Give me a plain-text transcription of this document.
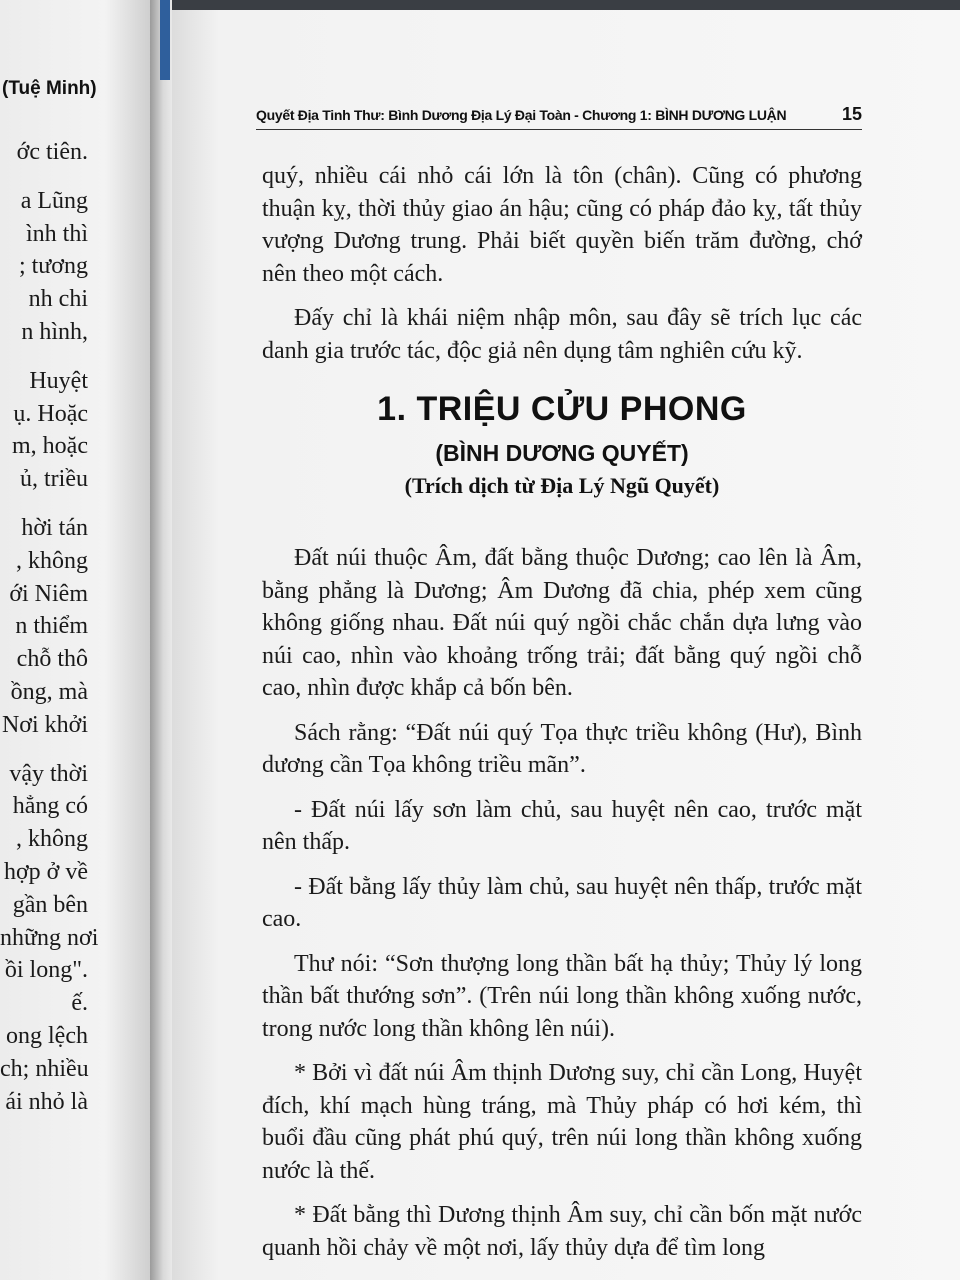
(Tuệ Minh)
ớc tiên.
a Lũng
ình thì
; tương
nh chi
n hình,
Huyệt
ụ. Hoặc
m, hoặc
ủ, triều
hời tán
, không
ới Niêm
n thiểm
chỗ thô
ồng, mà
Nơi khởi
vậy thời
hẳng có
, không
hợp ở về
gần bên
những nơi
ồi long".
ế.
ong lệch
ch; nhiều
ái nhỏ là
Quyết Địa Tinh Thư: Bình Dương Địa Lý Đại Toàn - Chương 1: BÌNH DƯƠNG LUẬN	15

quý, nhiều cái nhỏ cái lớn là tôn (chân). Cũng có phương thuận kỵ, thời thủy giao án hậu; cũng có pháp đảo kỵ, tất thủy vượng Dương trung. Phải biết quyền biến trăm đường, chớ nên theo một cách.

Đấy chỉ là khái niệm nhập môn, sau đây sẽ trích lục các danh gia trước tác, độc giả nên dụng tâm nghiên cứu kỹ.

1. TRIỆU CỬU PHONG
(BÌNH DƯƠNG QUYẾT)
(Trích dịch từ Địa Lý Ngũ Quyết)

Đất núi thuộc Âm, đất bằng thuộc Dương; cao lên là Âm, bằng phẳng là Dương; Âm Dương đã chia, phép xem cũng không giống nhau. Đất núi quý ngồi chắc chắn dựa lưng vào núi cao, nhìn vào khoảng trống trải; đất bằng quý ngồi chỗ cao, nhìn được khắp cả bốn bên.

Sách rằng: “Đất núi quý Tọa thực triều không (Hư), Bình dương cần Tọa không triều mãn”.

- Đất núi lấy sơn làm chủ, sau huyệt nên cao, trước mặt nên thấp.

- Đất bằng lấy thủy làm chủ, sau huyệt nên thấp, trước mặt cao.

Thư nói: “Sơn thượng long thần bất hạ thủy; Thủy lý long thần bất thướng sơn”. (Trên núi long thần không xuống nước, trong nước long thần không lên núi).

* Bởi vì đất núi Âm thịnh Dương suy, chỉ cần Long, Huyệt đích, khí mạch hùng tráng, mà Thủy pháp có hơi kém, thì buổi đầu cũng phát phú quý, trên núi long thần không xuống nước là thế.

* Đất bằng thì Dương thịnh Âm suy, chỉ cần bốn mặt nước quanh hồi chảy về một nơi, lấy thủy dựa để tìm long
